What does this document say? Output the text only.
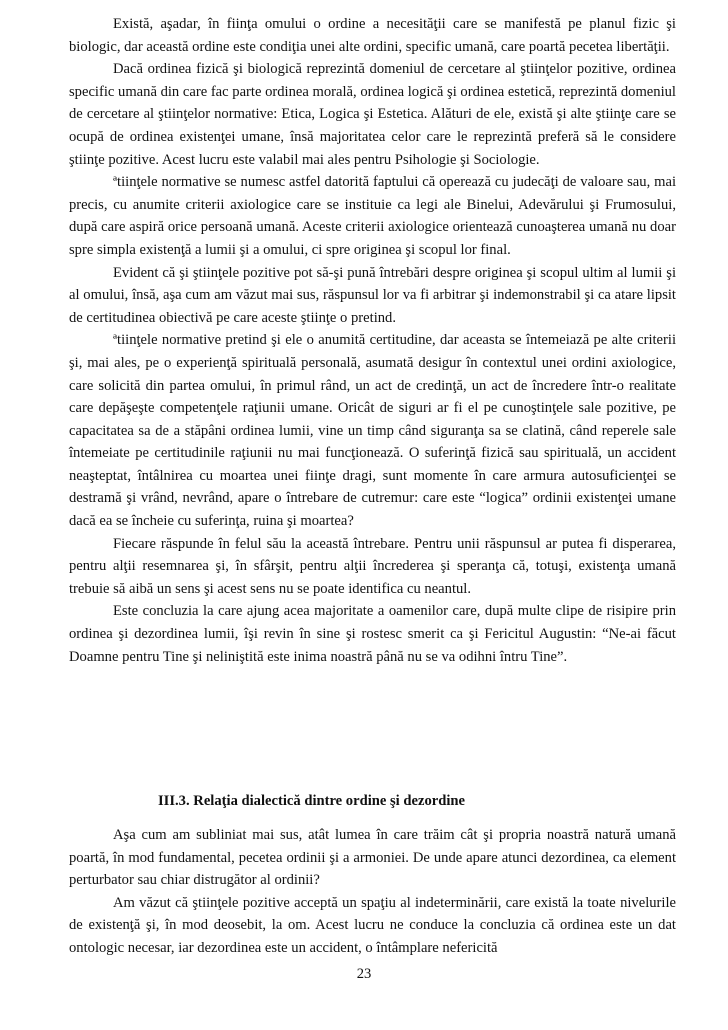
Există, aşadar, în fiinţa omului o ordine a necesităţii care se manifestă pe planul fizic şi biologic, dar această ordine este condiţia unei alte ordini, specific umană, care poartă pecetea libertăţii.

Dacă ordinea fizică şi biologică reprezintă domeniul de cercetare al ştiinţelor pozitive, ordinea specific umană din care fac parte ordinea morală, ordinea logică şi ordinea estetică, reprezintă domeniul de cercetare al ştiinţelor normative: Etica, Logica şi Estetica. Alături de ele, există şi alte ştiinţe care se ocupă de ordinea existenţei umane, însă majoritatea celor care le reprezintă preferă să le considere ştiinţe pozitive. Acest lucru este valabil mai ales pentru Psihologie şi Sociologie.

ªtiinţele normative se numesc astfel datorită faptului că operează cu judecăţi de valoare sau, mai precis, cu anumite criterii axiologice care se instituie ca legi ale Binelui, Adevărului şi Frumosului, după care aspiră orice persoană umană. Aceste criterii axiologice orientează cunoaşterea umană nu doar spre simpla existenţă a lumii şi a omului, ci spre originea şi scopul lor final.

Evident că şi ştiinţele pozitive pot să-şi pună întrebări despre originea şi scopul ultim al lumii şi al omului, însă, aşa cum am văzut mai sus, răspunsul lor va fi arbitrar şi indemonstrabil şi ca atare lipsit de certitudinea obiectivă pe care aceste ştiinţe o pretind.

ªtiinţele normative pretind şi ele o anumită certitudine, dar aceasta se întemeiază pe alte criterii şi, mai ales, pe o experienţă spirituală personală, asumată desigur în contextul unei ordini axiologice, care solicită din partea omului, în primul rând, un act de credinţă, un act de încredere într-o realitate care depăşeşte competenţele raţiunii umane. Oricât de siguri ar fi el pe cunoştinţele sale pozitive, pe capacitatea sa de a stăpâni ordinea lumii, vine un timp când siguranţa sa se clatină, când reperele sale întemeiate pe certitudinile raţiunii nu mai funcţionează. O suferinţă fizică sau spirituală, un accident neaşteptat, întâlnirea cu moartea unei fiinţe dragi, sunt momente în care armura autosuficienţei se destramă şi vrând, nevrând, apare o întrebare de cutremur: care este “logica” ordinii existenţei umane dacă ea se încheie cu suferinţa, ruina şi moartea?

Fiecare răspunde în felul său la această întrebare. Pentru unii răspunsul ar putea fi disperarea, pentru alţii resemnarea şi, în sfârşit, pentru alţii încrederea şi speranţa că, totuşi, existenţa umană trebuie să aibă un sens şi acest sens nu se poate identifica cu neantul.

Este concluzia la care ajung acea majoritate a oamenilor care, după multe clipe de risipire prin ordinea şi dezordinea lumii, îşi revin în sine şi rostesc smerit ca şi Fericitul Augustin: “Ne-ai făcut Doamne pentru Tine şi neliniştită este inima noastră până nu se va odihni întru Tine”.

III.3. Relaţia dialectică dintre ordine şi dezordine

Aşa cum am subliniat mai sus, atât lumea în care trăim cât şi propria noastră natură umană poartă, în mod fundamental, pecetea ordinii şi a armoniei. De unde apare atunci dezordinea, ca element perturbator sau chiar distrugător al ordinii?

Am văzut că ştiinţele pozitive acceptă un spaţiu al indeterminării, care există la toate nivelurile de existenţă şi, în mod deosebit, la om. Acest lucru ne conduce la concluzia că ordinea este un dat ontologic necesar, iar dezordinea este un accident, o întâmplare nefericită

23
